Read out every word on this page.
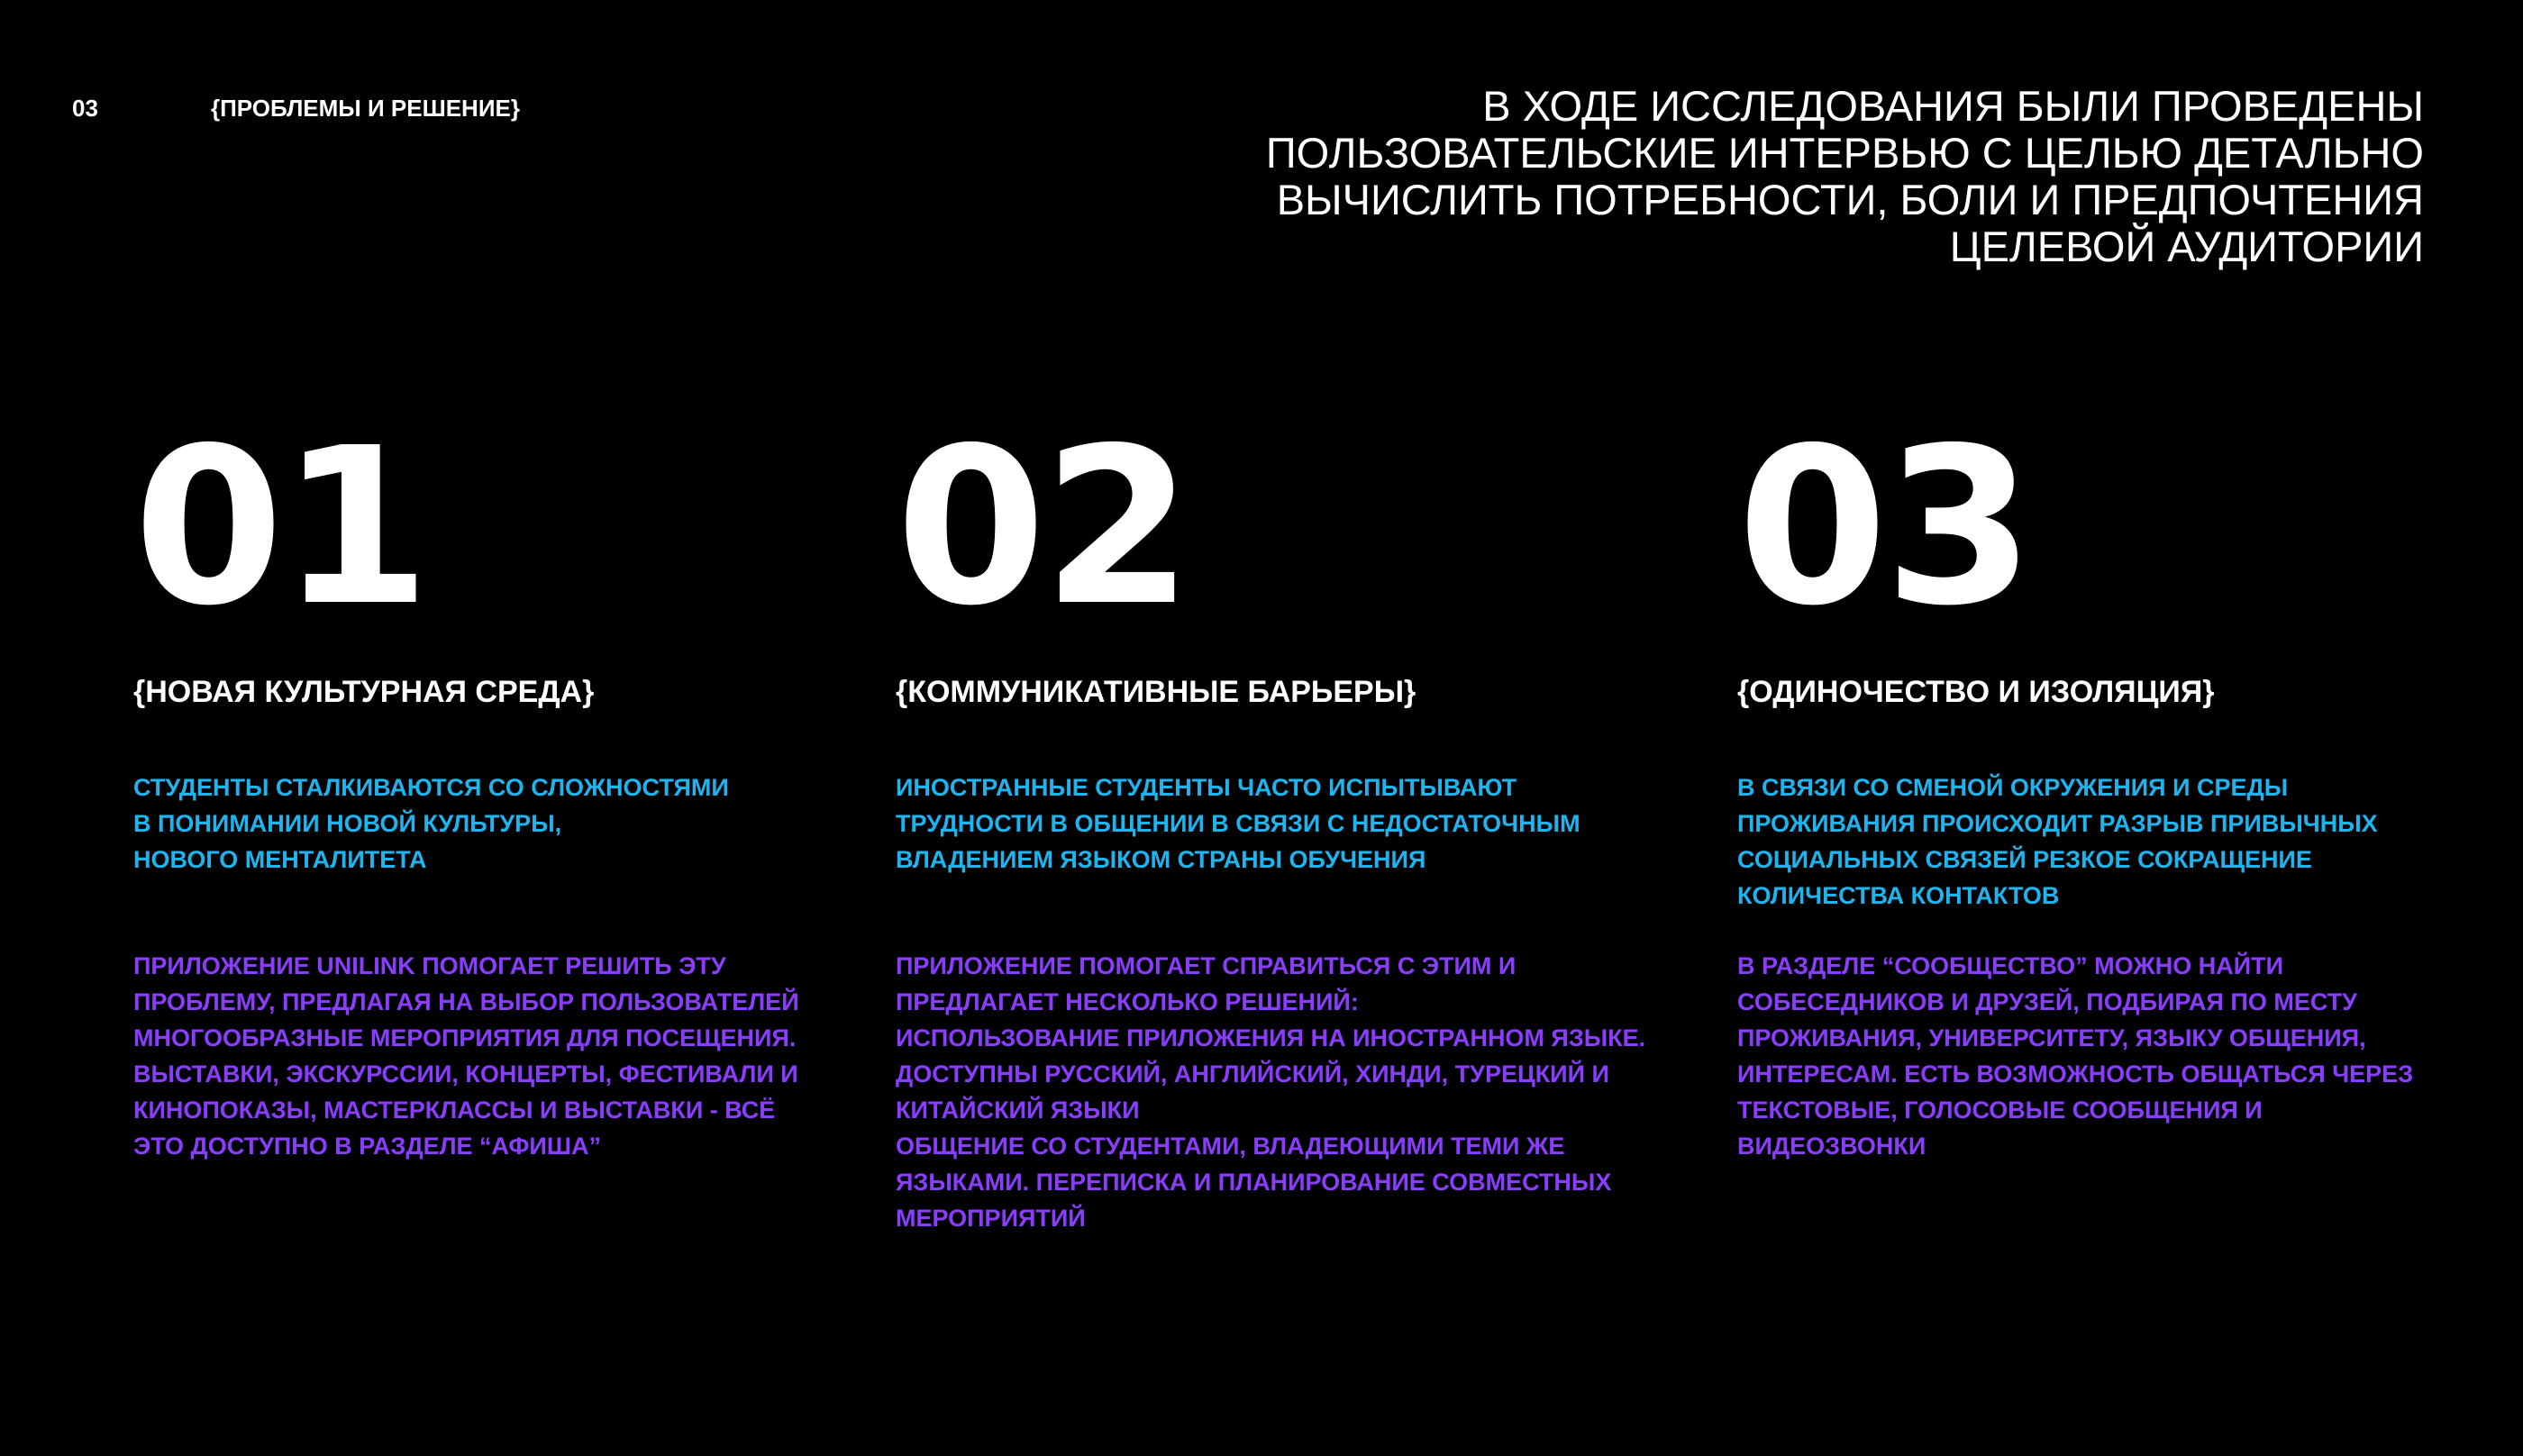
03	{ПРОБЛЕМЫ И РЕШЕНИЕ}	В ХОДЕ ИССЛЕДОВАНИЯ БЫЛИ ПРОВЕДЕНЫ ПОЛЬЗОВАТЕЛЬСКИЕ ИНТЕРВЬЮ С ЦЕЛЬЮ ДЕТАЛЬНО ВЫЧИСЛИТЬ ПОТРЕБНОСТИ, БОЛИ И ПРЕДПОЧТЕНИЯ ЦЕЛЕВОЙ АУДИТОРИИ

01
{НОВАЯ КУЛЬТУРНАЯ СРЕДА}
СТУДЕНТЫ СТАЛКИВАЮТСЯ СО СЛОЖНОСТЯМИ
В ПОНИМАНИИ НОВОЙ КУЛЬТУРЫ,
НОВОГО МЕНТАЛИТЕТА
ПРИЛОЖЕНИЕ UNILINK ПОМОГАЕТ РЕШИТЬ ЭТУ
ПРОБЛЕМУ, ПРЕДЛАГАЯ НА ВЫБОР ПОЛЬЗОВАТЕЛЕЙ
МНОГООБРАЗНЫЕ МЕРОПРИЯТИЯ ДЛЯ ПОСЕЩЕНИЯ.
ВЫСТАВКИ, ЭКСКУРССИИ, КОНЦЕРТЫ, ФЕСТИВАЛИ И
КИНОПОКАЗЫ, МАСТЕРКЛАССЫ И ВЫСТАВКИ - ВСЁ
ЭТО ДОСТУПНО В РАЗДЕЛЕ “АФИША”
02
{КОММУНИКАТИВНЫЕ БАРЬЕРЫ}
ИНОСТРАННЫЕ СТУДЕНТЫ ЧАСТО ИСПЫТЫВАЮТ
ТРУДНОСТИ В ОБЩЕНИИ В СВЯЗИ С НЕДОСТАТОЧНЫМ
ВЛАДЕНИЕМ ЯЗЫКОМ СТРАНЫ ОБУЧЕНИЯ
ПРИЛОЖЕНИЕ ПОМОГАЕТ СПРАВИТЬСЯ С ЭТИМ И
ПРЕДЛАГАЕТ НЕСКОЛЬКО РЕШЕНИЙ:
ИСПОЛЬЗОВАНИЕ ПРИЛОЖЕНИЯ НА ИНОСТРАННОМ ЯЗЫКЕ.
ДОСТУПНЫ РУССКИЙ, АНГЛИЙСКИЙ, ХИНДИ, ТУРЕЦКИЙ И
КИТАЙСКИЙ ЯЗЫКИ
ОБЩЕНИЕ СО СТУДЕНТАМИ, ВЛАДЕЮЩИМИ ТЕМИ ЖЕ
ЯЗЫКАМИ. ПЕРЕПИСКА И ПЛАНИРОВАНИЕ СОВМЕСТНЫХ
МЕРОПРИЯТИЙ
03
{ОДИНОЧЕСТВО И ИЗОЛЯЦИЯ}
В СВЯЗИ СО СМЕНОЙ ОКРУЖЕНИЯ И СРЕДЫ
ПРОЖИВАНИЯ ПРОИСХОДИТ РАЗРЫВ ПРИВЫЧНЫХ
СОЦИАЛЬНЫХ СВЯЗЕЙ РЕЗКОЕ СОКРАЩЕНИЕ
КОЛИЧЕСТВА КОНТАКТОВ
В РАЗДЕЛЕ “СООБЩЕСТВО” МОЖНО НАЙТИ
СОБЕСЕДНИКОВ И ДРУЗЕЙ, ПОДБИРАЯ ПО МЕСТУ
ПРОЖИВАНИЯ, УНИВЕРСИТЕТУ, ЯЗЫКУ ОБЩЕНИЯ,
ИНТЕРЕСАМ. ЕСТЬ ВОЗМОЖНОСТЬ ОБЩАТЬСЯ ЧЕРЕЗ
ТЕКСТОВЫЕ, ГОЛОСОВЫЕ СООБЩЕНИЯ И
ВИДЕОЗВОНКИ
